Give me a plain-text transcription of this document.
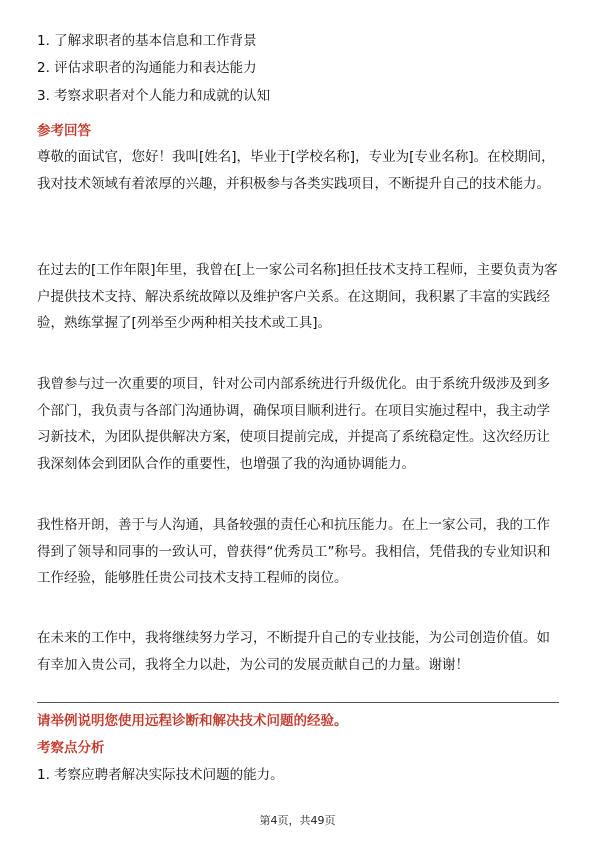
1. 了解求职者的基本信息和工作背景
2. 评估求职者的沟通能力和表达能力
3. 考察求职者对个人能力和成就的认知
参考回答
尊敬的面试官，您好！我叫[姓名]，毕业于[学校名称]，专业为[专业名称]。在校期间，我对技术领域有着浓厚的兴趣，并积极参与各类实践项目，不断提升自己的技术能力。
在过去的[工作年限]年里，我曾在[上一家公司名称]担任技术支持工程师，主要负责为客户提供技术支持、解决系统故障以及维护客户关系。在这期间，我积累了丰富的实践经验，熟练掌握了[列举至少两种相关技术或工具]。
我曾参与过一次重要的项目，针对公司内部系统进行升级优化。由于系统升级涉及到多个部门，我负责与各部门沟通协调，确保项目顺利进行。在项目实施过程中，我主动学习新技术，为团队提供解决方案，使项目提前完成，并提高了系统稳定性。这次经历让我深刻体会到团队合作的重要性，也增强了我的沟通协调能力。
我性格开朗，善于与人沟通，具备较强的责任心和抗压能力。在上一家公司，我的工作得到了领导和同事的一致认可，曾获得“优秀员工”称号。我相信，凭借我的专业知识和工作经验，能够胜任贵公司技术支持工程师的岗位。
在未来的工作中，我将继续努力学习，不断提升自己的专业技能，为公司创造价值。如有幸加入贵公司，我将全力以赴，为公司的发展贡献自己的力量。谢谢！
请举例说明您使用远程诊断和解决技术问题的经验。
考察点分析
1. 考察应聘者解决实际技术问题的能力。
第4页，共49页
